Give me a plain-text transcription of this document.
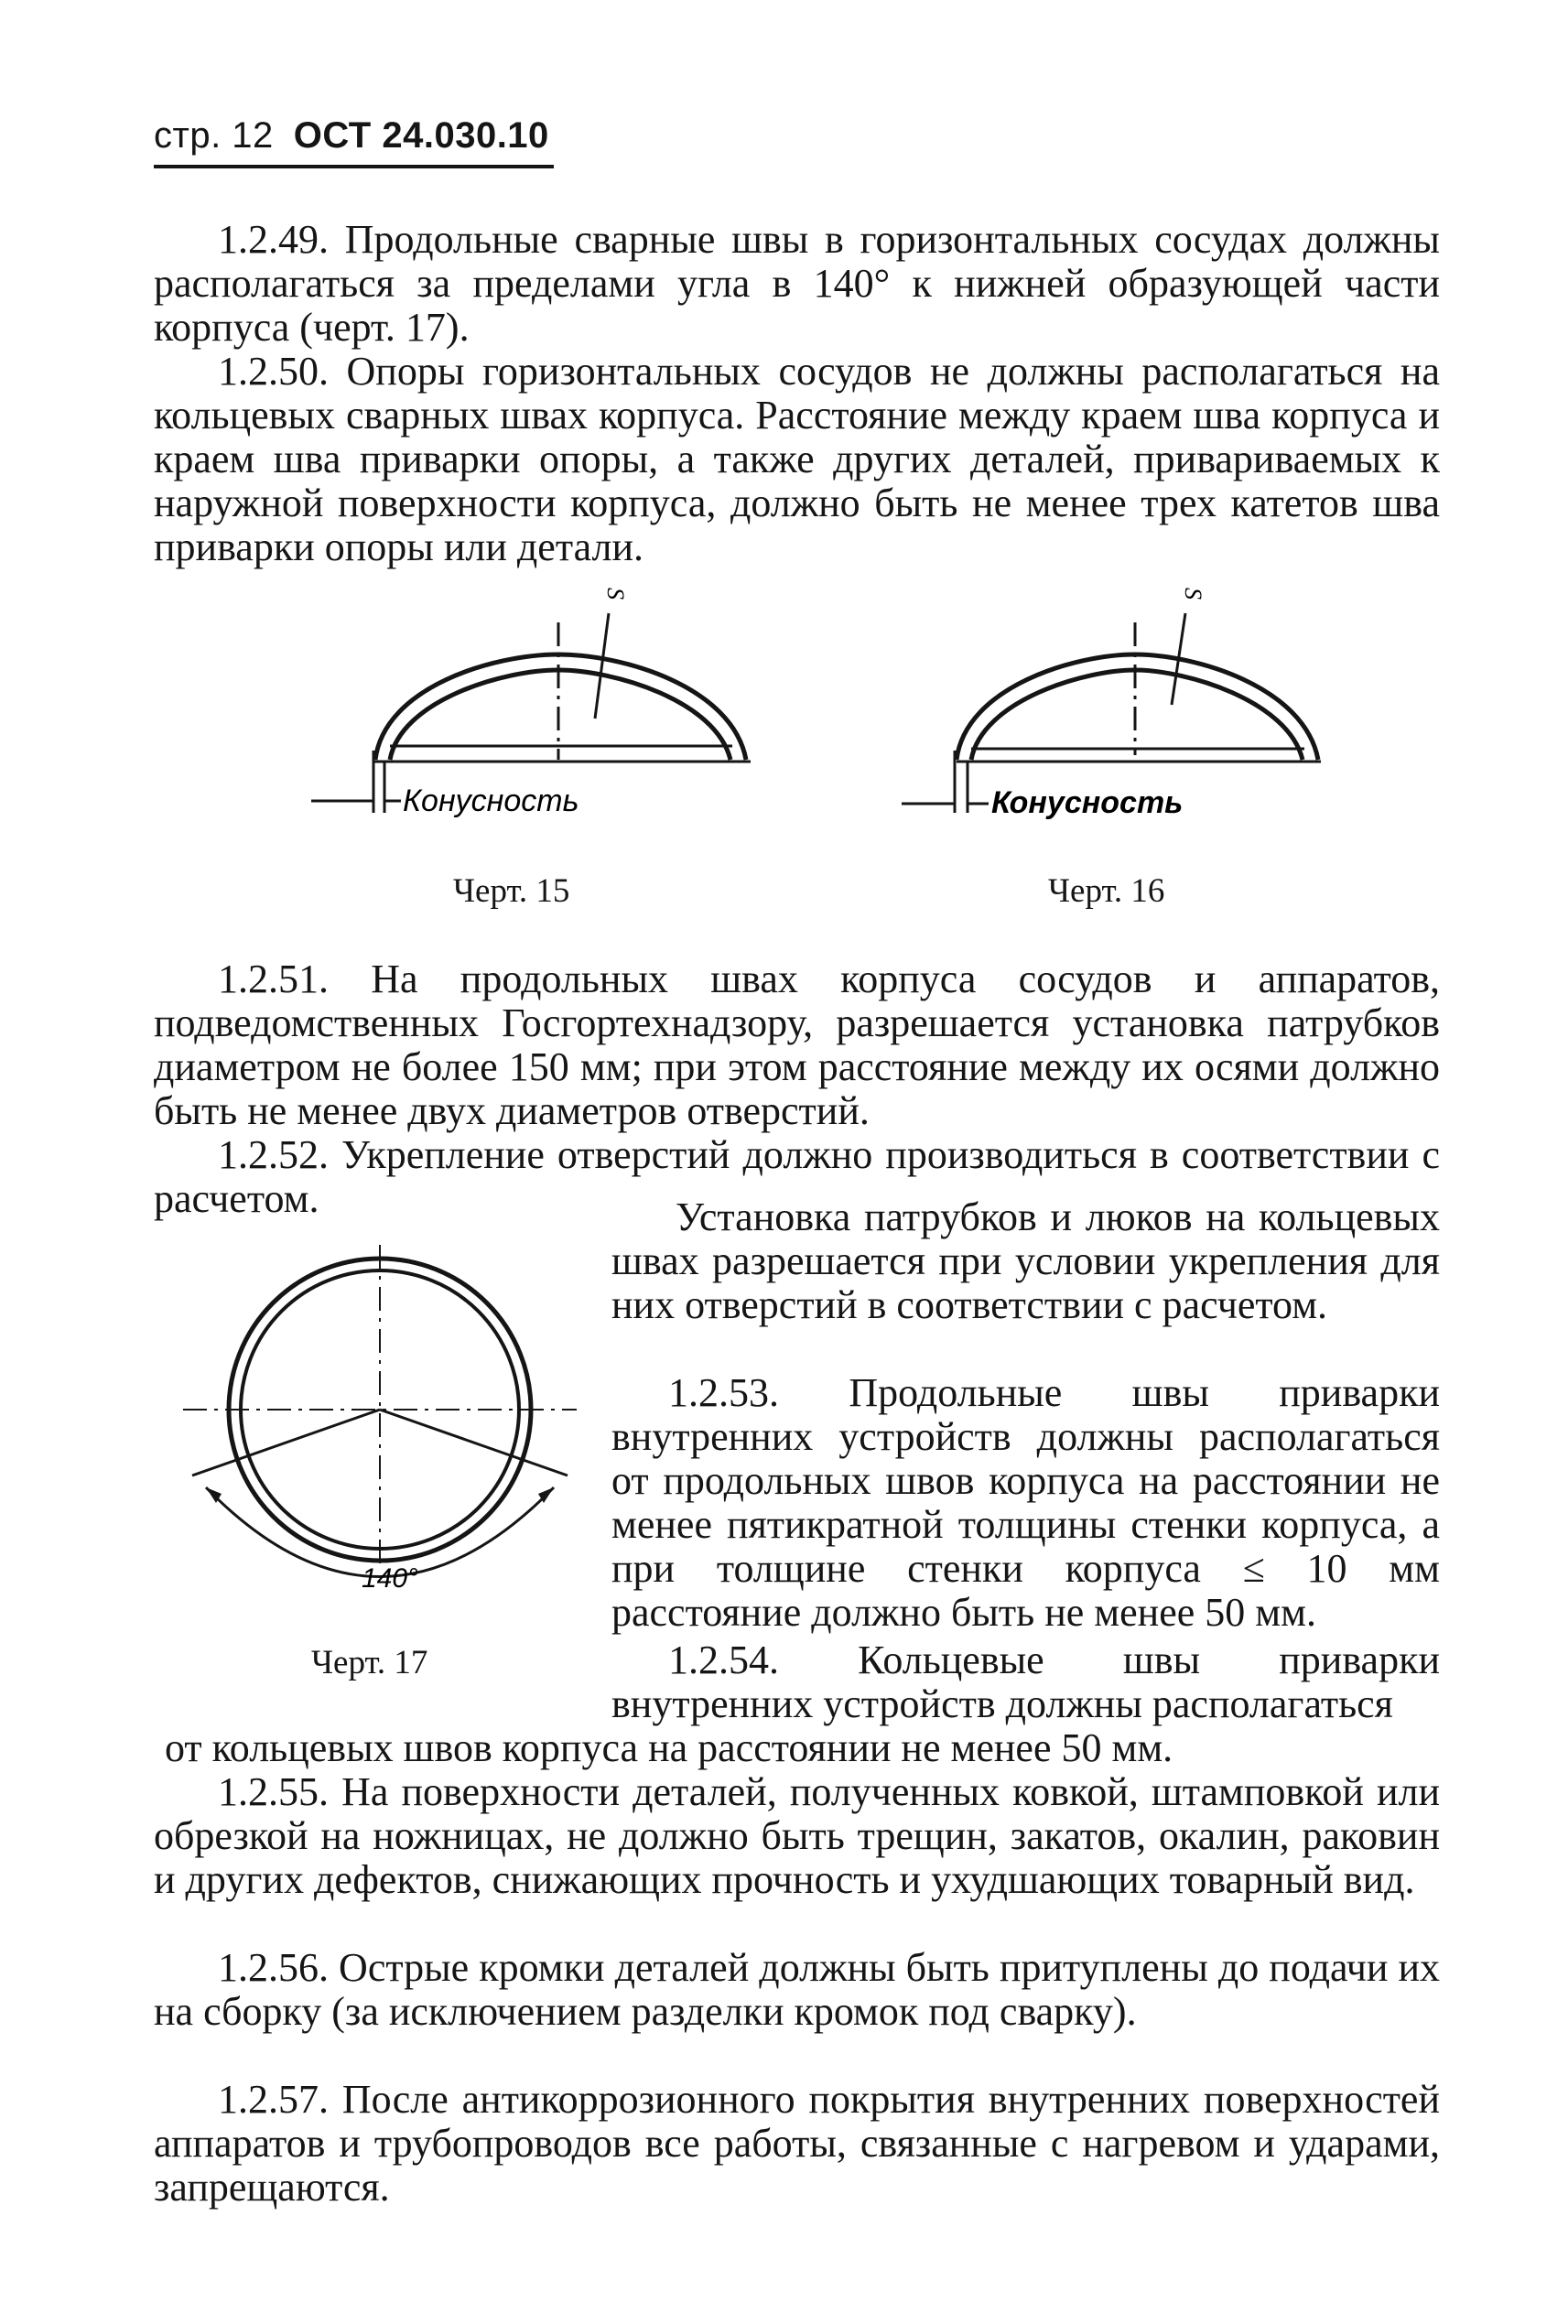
стр. 12 ОСТ 24.030.10

1.2.49. Продольные сварные швы в горизонтальных сосудах должны располагаться за пределами угла в 140° к нижней образующей части корпуса (черт. 17).

1.2.50. Опоры горизонтальных сосудов не должны располагаться на кольцевых сварных швах корпуса. Расстояние между краем шва корпуса и краем шва приварки опоры, а также других деталей, привариваемых к наружной поверхности корпуса, должно быть не менее трех катетов шва приварки опоры или детали.

S
Конусность
Черт. 15
S
Конусность
Черт. 16

1.2.51. На продольных швах корпуса сосудов и аппаратов, подведомственных Госгортехнадзору, разрешается установка патрубков диаметром не более 150 мм; при этом расстояние между их осями должно быть не менее двух диаметров отверстий.

1.2.52. Укрепление отверстий должно производиться в соответствии с расчетом.

140°
Черт. 17

Установка патрубков и люков на кольцевых швах разрешается при условии укрепления для них отверстий в соответствии с расчетом.

1.2.53. Продольные швы приварки внутренних устройств должны располагаться от продольных швов корпуса на расстоянии не менее пятикратной толщины стенки корпуса, а при толщине стенки корпуса ≤ 10 мм расстояние должно быть не менее 50 мм.

1.2.54. Кольцевые швы приварки внутренних устройств должны располагаться

от кольцевых швов корпуса на расстоянии не менее 50 мм.

1.2.55. На поверхности деталей, полученных ковкой, штамповкой или обрезкой на ножницах, не должно быть трещин, закатов, окалин, раковин и других дефектов, снижающих прочность и ухудшающих товарный вид.

1.2.56. Острые кромки деталей должны быть притуплены до подачи их на сборку (за исключением разделки кромок под сварку).

1.2.57. После антикоррозионного покрытия внутренних поверхностей аппаратов и трубопроводов все работы, связанные с нагревом и ударами, запрещаются.
